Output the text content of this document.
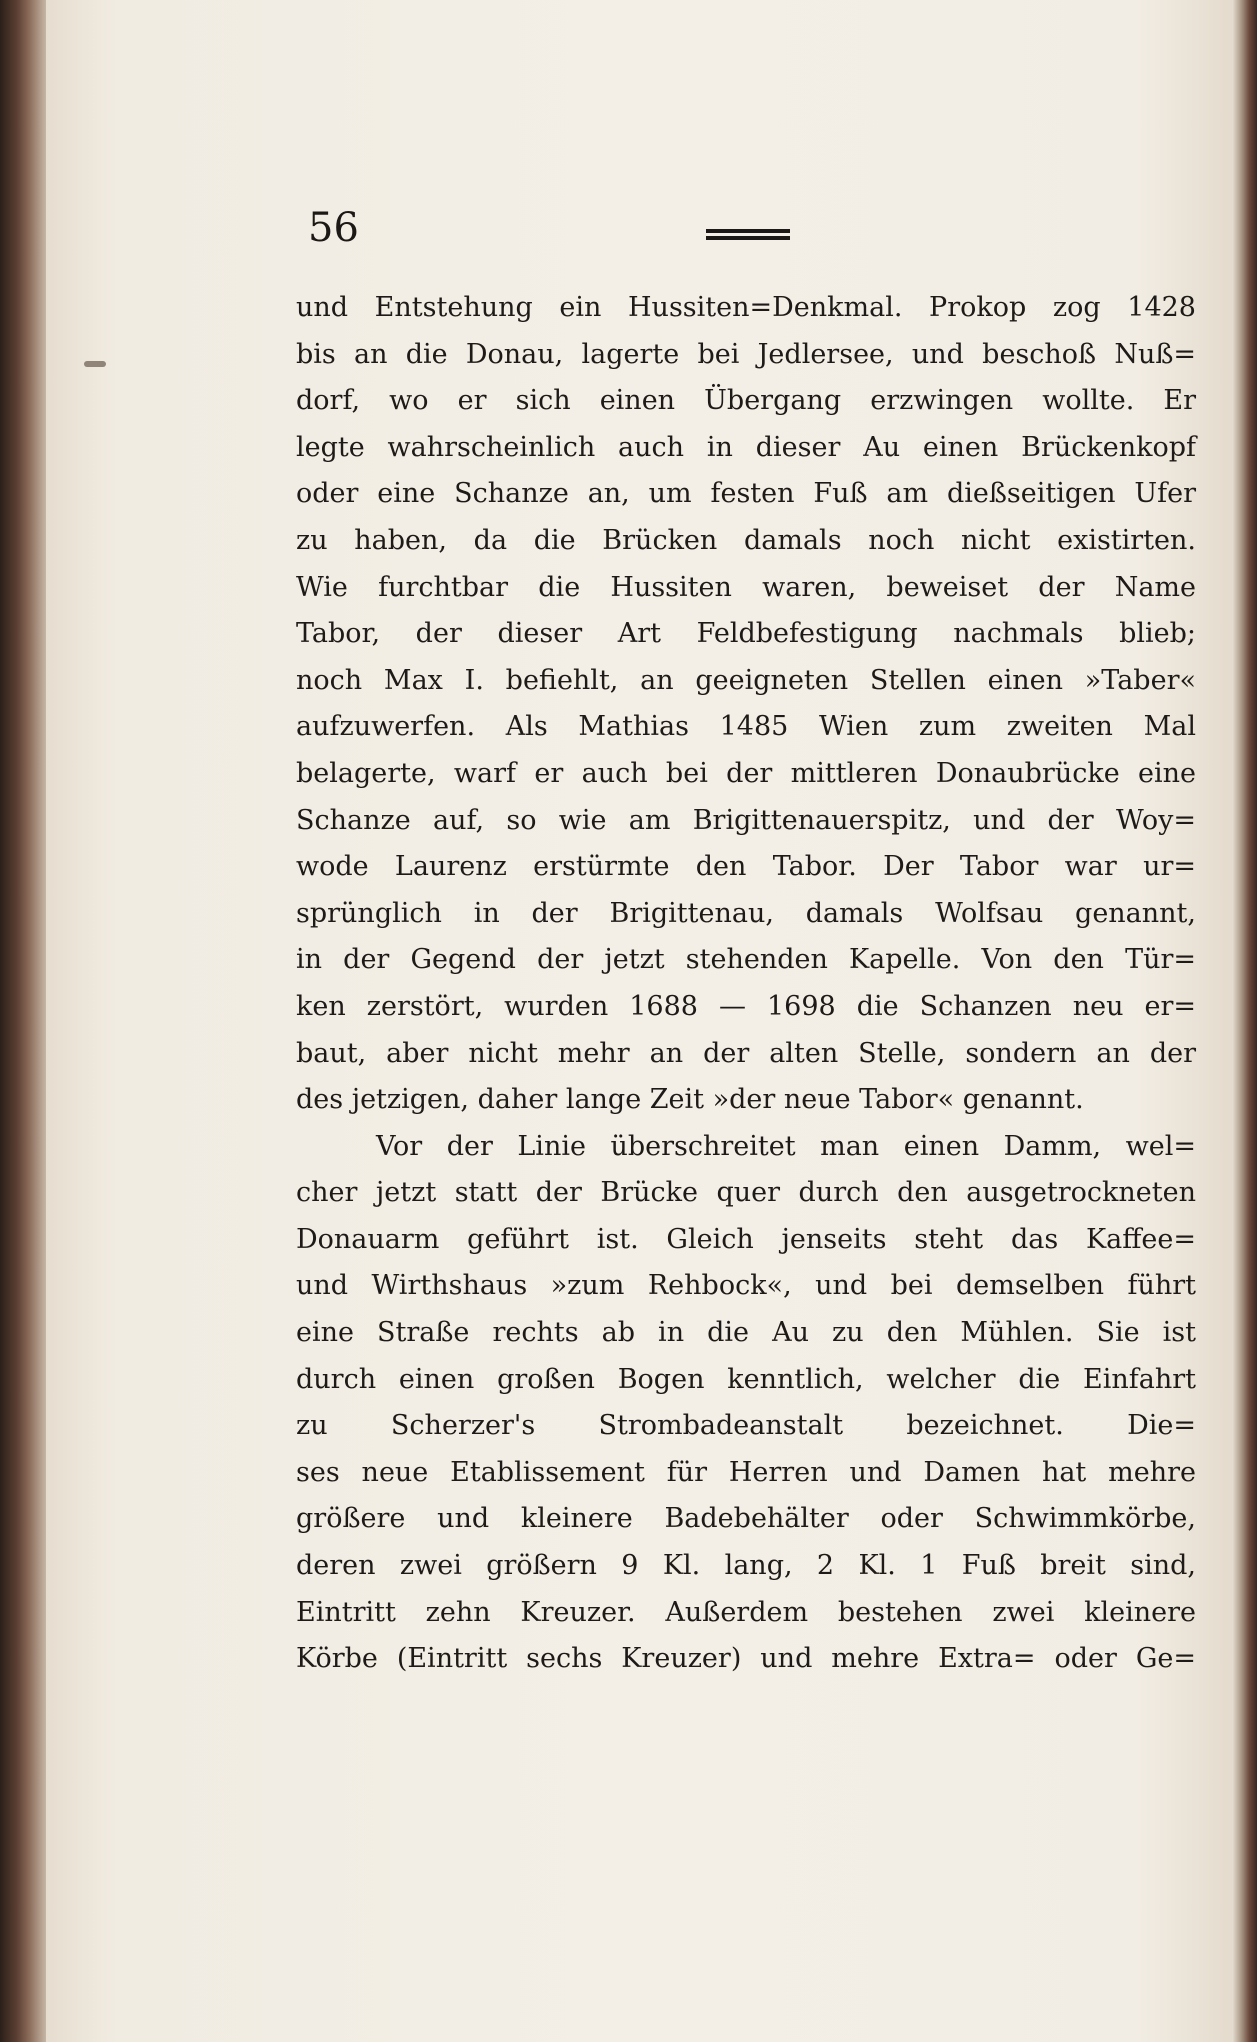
56
und Entstehung ein Hussiten=Denkmal. Prokop zog 1428
bis an die Donau, lagerte bei Jedlersee, und beschoß Nuß=
dorf, wo er sich einen Übergang erzwingen wollte. Er
legte wahrscheinlich auch in dieser Au einen Brückenkopf
oder eine Schanze an, um festen Fuß am dießseitigen Ufer
zu haben, da die Brücken damals noch nicht existirten.
Wie furchtbar die Hussiten waren, beweiset der Name
Tabor, der dieser Art Feldbefestigung nachmals blieb;
noch Max I. befiehlt, an geeigneten Stellen einen »Taber«
aufzuwerfen. Als Mathias 1485 Wien zum zweiten Mal
belagerte, warf er auch bei der mittleren Donaubrücke eine
Schanze auf, so wie am Brigittenauerspitz, und der Woy=
wode Laurenz erstürmte den Tabor. Der Tabor war ur=
sprünglich in der Brigittenau, damals Wolfsau genannt,
in der Gegend der jetzt stehenden Kapelle. Von den Tür=
ken zerstört, wurden 1688 — 1698 die Schanzen neu er=
baut, aber nicht mehr an der alten Stelle, sondern an der
des jetzigen, daher lange Zeit »der neue Tabor« genannt.
Vor der Linie überschreitet man einen Damm, wel=
cher jetzt statt der Brücke quer durch den ausgetrockneten
Donauarm geführt ist. Gleich jenseits steht das Kaffee=
und Wirthshaus »zum Rehbock«, und bei demselben führt
eine Straße rechts ab in die Au zu den Mühlen. Sie ist
durch einen großen Bogen kenntlich, welcher die Einfahrt
zu Scherzer's Strombadeanstalt bezeichnet. Die=
ses neue Etablissement für Herren und Damen hat mehre
größere und kleinere Badebehälter oder Schwimmkörbe,
deren zwei größern 9 Kl. lang, 2 Kl. 1 Fuß breit sind,
Eintritt zehn Kreuzer. Außerdem bestehen zwei kleinere
Körbe (Eintritt sechs Kreuzer) und mehre Extra= oder Ge=
